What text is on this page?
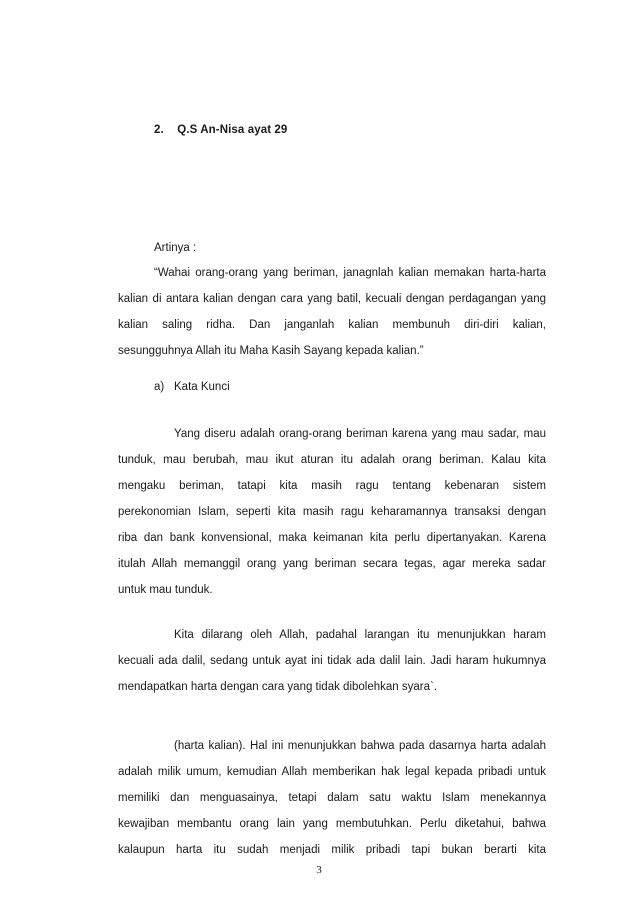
2. Q.S An-Nisa ayat 29
Artinya :
“Wahai orang-orang yang beriman, janagnlah kalian memakan harta-harta
kalian di antara kalian dengan cara yang batil, kecuali dengan perdagangan yang
kalian saling ridha. Dan janganlah kalian membunuh diri-diri kalian,
sesungguhnya Allah itu Maha Kasih Sayang kepada kalian.”
a) Kata Kunci
Yang diseru adalah orang-orang beriman karena yang mau sadar, mau
tunduk, mau berubah, mau ikut aturan itu adalah orang beriman. Kalau kita
mengaku beriman, tatapi kita masih ragu tentang kebenaran sistem
perekonomian Islam, seperti kita masih ragu keharamannya transaksi dengan
riba dan bank konvensional, maka keimanan kita perlu dipertanyakan. Karena
itulah Allah memanggil orang yang beriman secara tegas, agar mereka sadar
untuk mau tunduk.
Kita dilarang oleh Allah, padahal larangan itu menunjukkan haram
kecuali ada dalil, sedang untuk ayat ini tidak ada dalil lain. Jadi haram hukumnya
mendapatkan harta dengan cara yang tidak dibolehkan syara`.
(harta kalian). Hal ini menunjukkan bahwa pada dasarnya harta adalah
adalah milik umum, kemudian Allah memberikan hak legal kepada pribadi untuk
memiliki dan menguasainya, tetapi dalam satu waktu Islam menekannya
kewajiban membantu orang lain yang membutuhkan. Perlu diketahui, bahwa
kalaupun harta itu sudah menjadi milik pribadi tapi bukan berarti kita
3
